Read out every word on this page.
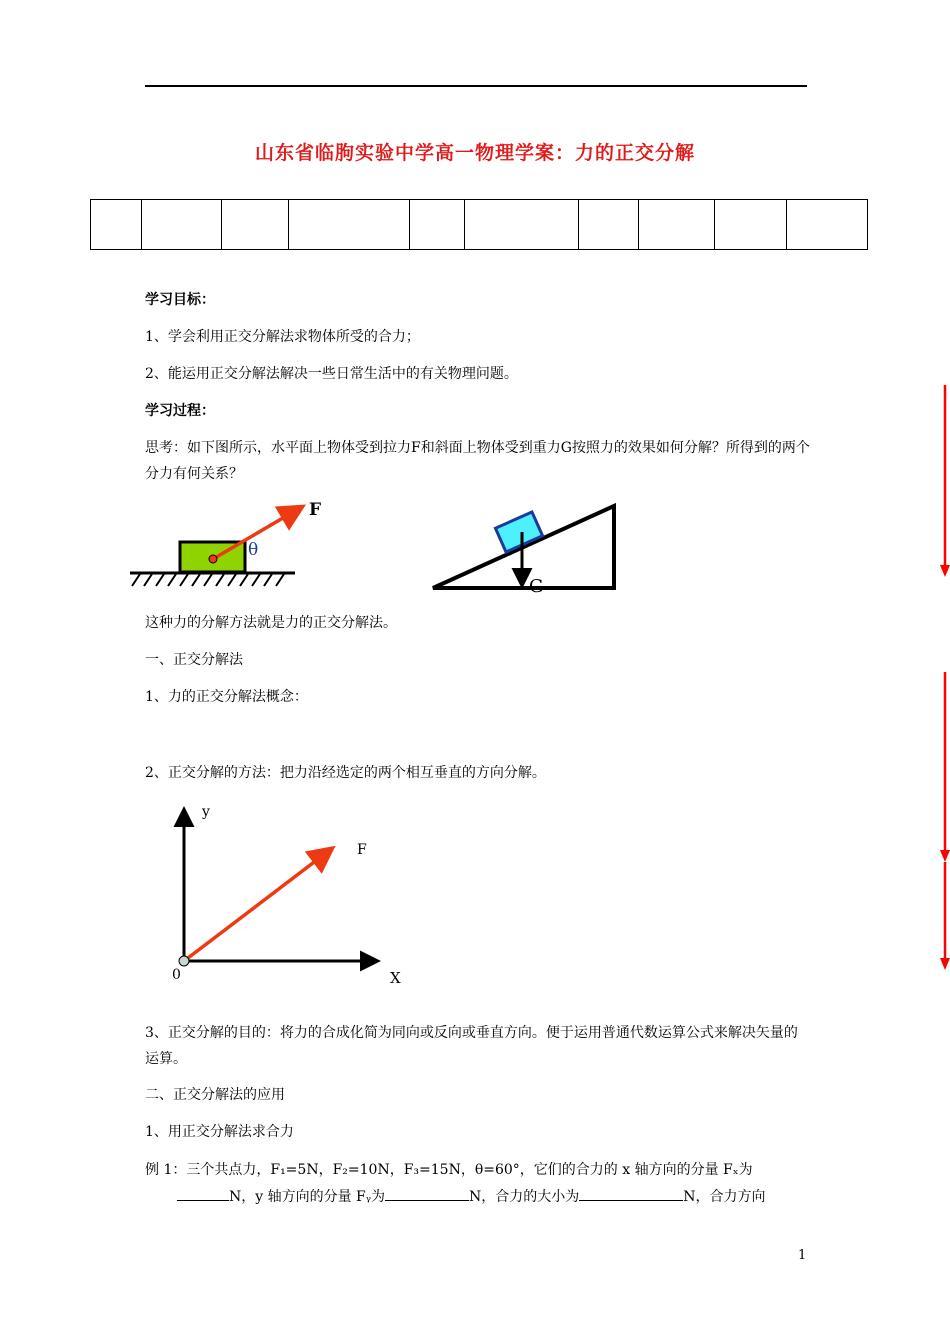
山东省临朐实验中学高一物理学案：力的正交分解

学习目标：
1、学会利用正交分解法求物体所受的合力；
2、能运用正交分解法解决一些日常生活中的有关物理问题。
学习过程：
思考：如下图所示，水平面上物体受到拉力F和斜面上物体受到重力G按照力的效果如何分解？所得到的两个分力有何关系？
F
θ
G
这种力的分解方法就是力的正交分解法。
一、正交分解法
1、力的正交分解法概念：
2、正交分解的方法：把力沿经选定的两个相互垂直的方向分解。
y
F
0	X
3、正交分解的目的：将力的合成化简为同向或反向或垂直方向。便于运用普通代数运算公式来解决矢量的运算。
二、正交分解法的应用
1、用正交分解法求合力
例 1：三个共点力，F₁=5N，F₂=10N，F₃=15N，θ=60°，它们的合力的 x 轴方向的分量 Fₓ为
N，y 轴方向的分量 Fᵧ为	N，合力的大小为	N，合力方向
1
